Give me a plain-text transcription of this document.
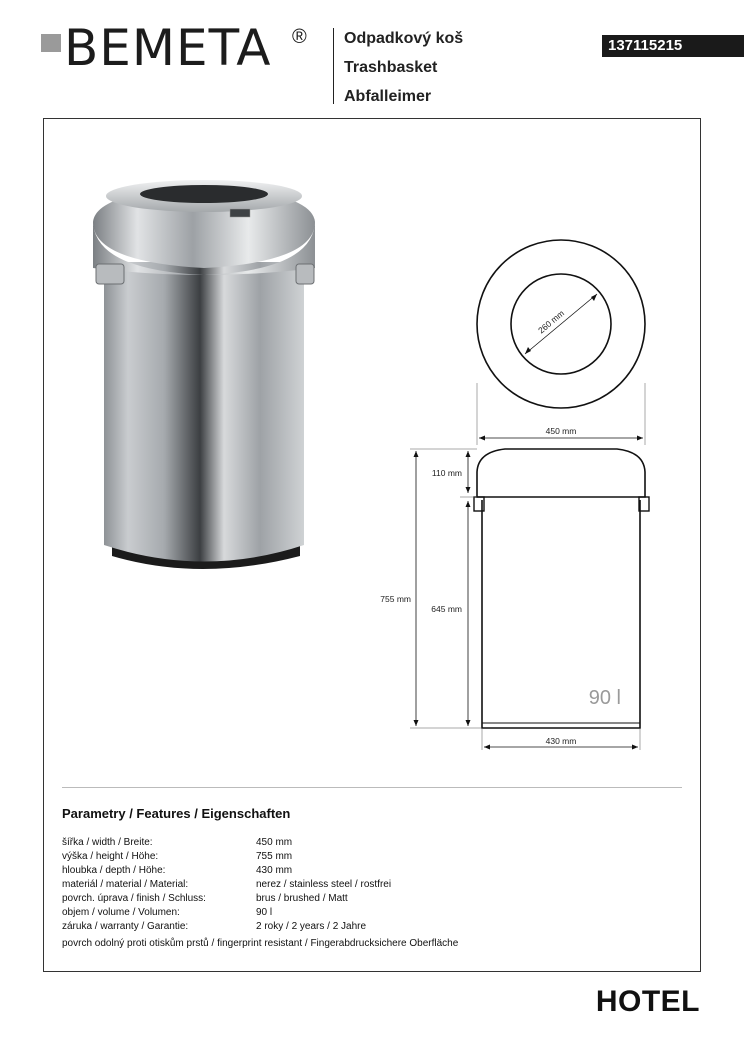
BEMETA ® Odpadkový koš
Trashbasket
Abfalleimer
137115215
260 mm
450 mm
110 mm
755 mm
645 mm
430 mm
90 l
Parametry / Features / Eigenschaften
šířka / width / Breite:	450 mm
výška / height / Höhe:	755 mm
hloubka / depth / Höhe:	430 mm
materiál / material / Material:	nerez / stainless steel / rostfrei
povrch. úprava / finish / Schluss:	brus / brushed / Matt
objem / volume / Volumen:	90 l
záruka / warranty / Garantie:	2 roky / 2 years / 2 Jahre
povrch odolný proti otiskům prstů / fingerprint resistant / Fingerabdrucksichere Oberfläche
HOTEL
